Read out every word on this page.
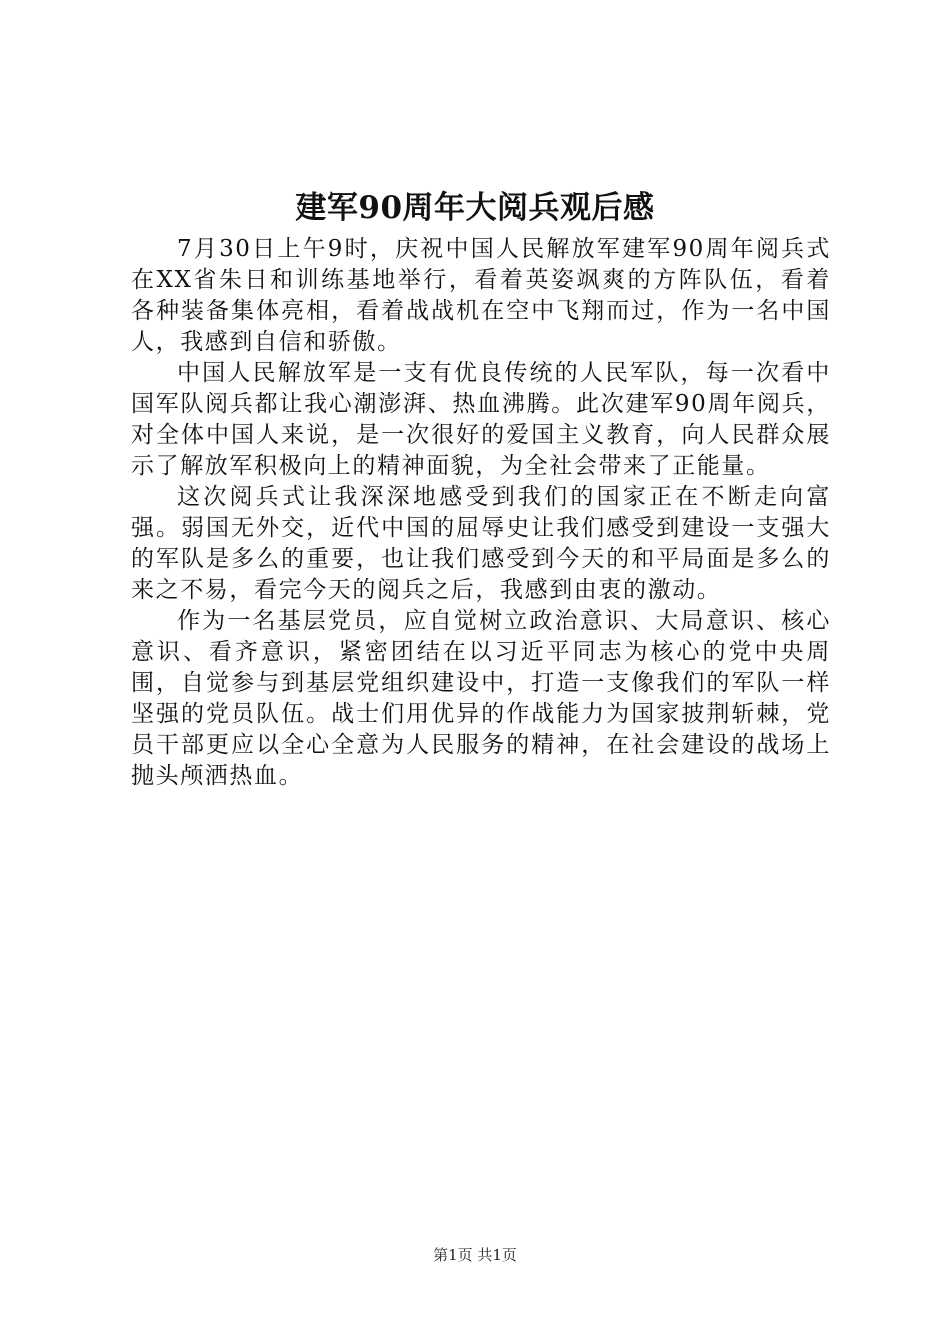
建军90周年大阅兵观后感

7月30日上午9时，庆祝中国人民解放军建军90周年阅兵式在XX省朱日和训练基地举行，看着英姿飒爽的方阵队伍，看着各种装备集体亮相，看着战战机在空中飞翔而过，作为一名中国人，我感到自信和骄傲。

中国人民解放军是一支有优良传统的人民军队，每一次看中国军队阅兵都让我心潮澎湃、热血沸腾。此次建军90周年阅兵，对全体中国人来说，是一次很好的爱国主义教育，向人民群众展示了解放军积极向上的精神面貌，为全社会带来了正能量。

这次阅兵式让我深深地感受到我们的国家正在不断走向富强。弱国无外交，近代中国的屈辱史让我们感受到建设一支强大的军队是多么的重要，也让我们感受到今天的和平局面是多么的来之不易，看完今天的阅兵之后，我感到由衷的激动。

作为一名基层党员，应自觉树立政治意识、大局意识、核心意识、看齐意识，紧密团结在以习近平同志为核心的党中央周围，自觉参与到基层党组织建设中，打造一支像我们的军队一样坚强的党员队伍。战士们用优异的作战能力为国家披荆斩棘，党员干部更应以全心全意为人民服务的精神，在社会建设的战场上抛头颅洒热血。

第1页 共1页
